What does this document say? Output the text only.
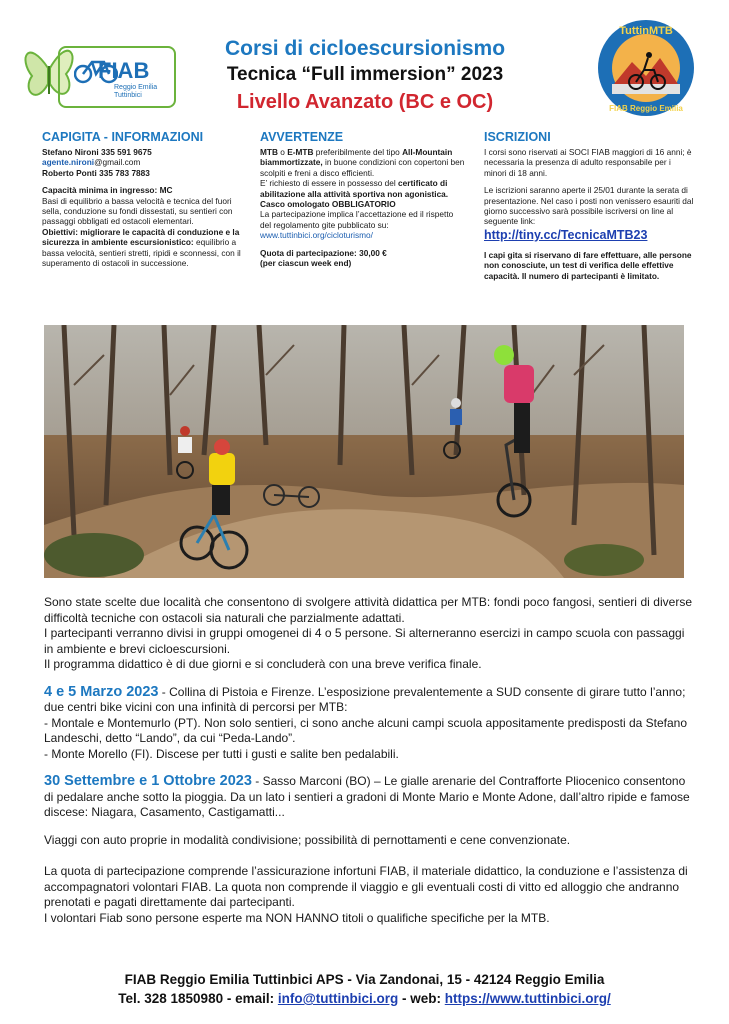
FIAB
Reggio Emilia
Tuttinbici
Corsi di cicloescursionismo
Tecnica “Full immersion” 2023
Livello Avanzato (BC e OC)
TuttinMTB
FIAB Reggio Emilia
CAPIGITA - INFORMAZIONI
Stefano Nironi 335 591 9675
agente.nironi@gmail.com
Roberto Ponti 335 783 7883
Capacità minima in ingresso: MC
Basi di equilibrio a bassa velocità e tecnica del fuori sella, conduzione su fondi dissestati, su sentieri con passaggi obbligati ed ostacoli elementari.
Obiettivi: migliorare le capacità di conduzione e la sicurezza in ambiente escursionistico: equilibrio a bassa velocità, sentieri stretti, ripidi e sconnessi, con il superamento di ostacoli in successione.
AVVERTENZE
MTB o E-MTB preferibilmente del tipo All-Mountain biammortizzate, in buone condizioni con copertoni ben scolpiti e freni a disco efficienti.
E’ richiesto di essere in possesso del certificato di abilitazione alla attività sportiva non agonistica.
Casco omologato OBBLIGATORIO
La partecipazione implica l’accettazione ed il rispetto del regolamento gite pubblicato su:
www.tuttinbici.org/cicloturismo/
Quota di partecipazione: 30,00 €
(per ciascun week end)
ISCRIZIONI
I corsi sono riservati ai SOCI FIAB maggiori di 16 anni; è necessaria la presenza di adulto responsabile per i minori di 18 anni.
Le iscrizioni saranno aperte il 25/01 durante la serata di presentazione. Nel caso i posti non venissero esauriti dal giorno successivo sarà possibile iscriversi on line al seguente link:
http://tiny.cc/TecnicaMTB23
I capi gita si riservano di fare effettuare, alle persone non conosciute, un test di verifica delle effettive capacità. Il numero di partecipanti è limitato.

Sono state scelte due località che consentono di svolgere attività didattica per MTB: fondi poco fangosi, sentieri di diverse difficoltà tecniche con ostacoli sia naturali che parzialmente adattati.

I partecipanti verranno divisi in gruppi omogenei di 4 o 5 persone. Si alterneranno esercizi in campo scuola con passaggi in ambiente e brevi cicloescursioni.

Il programma didattico è di due giorni e si concluderà con una breve verifica finale.

4 e 5 Marzo 2023 - Collina di Pistoia e Firenze. L’esposizione prevalentemente a SUD consente di girare tutto l’anno; due centri bike vicini con una infinità di percorsi per MTB:

- Montale e Montemurlo (PT). Non solo sentieri, ci sono anche alcuni campi scuola appositamente predisposti da Stefano Landeschi, detto “Lando”, da cui “Peda-Lando”.

- Monte Morello (FI). Discese per tutti i gusti e salite ben pedalabili.

30 Settembre e 1 Ottobre 2023 - Sasso Marconi (BO) – Le gialle arenarie del Contrafforte Pliocenico consentono di pedalare anche sotto la pioggia. Da un lato i sentieri a gradoni di Monte Mario e Monte Adone, dall’altro ripide e famose discese: Niagara, Casamento, Castigamatti...

Viaggi con auto proprie in modalità condivisione; possibilità di pernottamenti e cene convenzionate.

La quota di partecipazione comprende l’assicurazione infortuni FIAB, il materiale didattico, la conduzione e l’assistenza di accompagnatori volontari FIAB. La quota non comprende il viaggio e gli eventuali costi di vitto ed alloggio che andranno prenotati e pagati direttamente dai partecipanti.

I volontari Fiab sono persone esperte ma NON HANNO titoli o qualifiche specifiche per la MTB.

FIAB Reggio Emilia Tuttinbici APS - Via Zandonai, 15 - 42124 Reggio Emilia
Tel. 328 1850980 - email: info@tuttinbici.org - web: https://www.tuttinbici.org/
